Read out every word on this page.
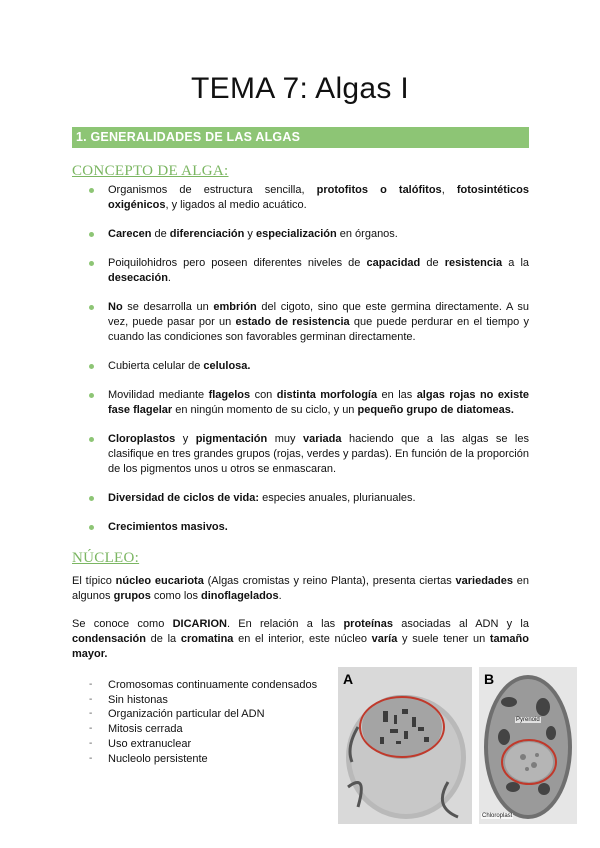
TEMA 7: Algas I
1. GENERALIDADES DE LAS ALGAS
CONCEPTO DE ALGA:
Organismos de estructura sencilla, protofitos o talófitos, fotosintéticos oxigénicos, y ligados al medio acuático.
Carecen de diferenciación y especialización en órganos.
Poiquilohidros pero poseen diferentes niveles de capacidad de resistencia a la desecación.
No se desarrolla un embrión del cigoto, sino que este germina directamente. A su vez, puede pasar por un estado de resistencia que puede perdurar en el tiempo y cuando las condiciones son favorables germinan directamente.
Cubierta celular de celulosa.
Movilidad mediante flagelos con distinta morfología en las algas rojas no existe fase flagelar en ningún momento de su ciclo, y un pequeño grupo de diatomeas.
Cloroplastos y pigmentación muy variada haciendo que a las algas se les clasifique en tres grandes grupos (rojas, verdes y pardas). En función de la proporción de los pigmentos unos u otros se enmascaran.
Diversidad de ciclos de vida: especies anuales, plurianuales.
Crecimientos masivos.
NÚCLEO:

El típico núcleo eucariota (Algas cromistas y reino Planta), presenta ciertas variedades en algunos grupos como los dinoflagelados.

Se conoce como DICARION. En relación a las proteínas asociadas al ADN y la condensación de la cromatina en el interior, este núcleo varía y suele tener un tamaño mayor.

- Cromosomas continuamente condensados
- Sin histonas
- Organización particular del ADN
- Mitosis cerrada
- Uso extranuclear
- Nucleolo persistente
A	B
Pyrenoid
Chloroplast
